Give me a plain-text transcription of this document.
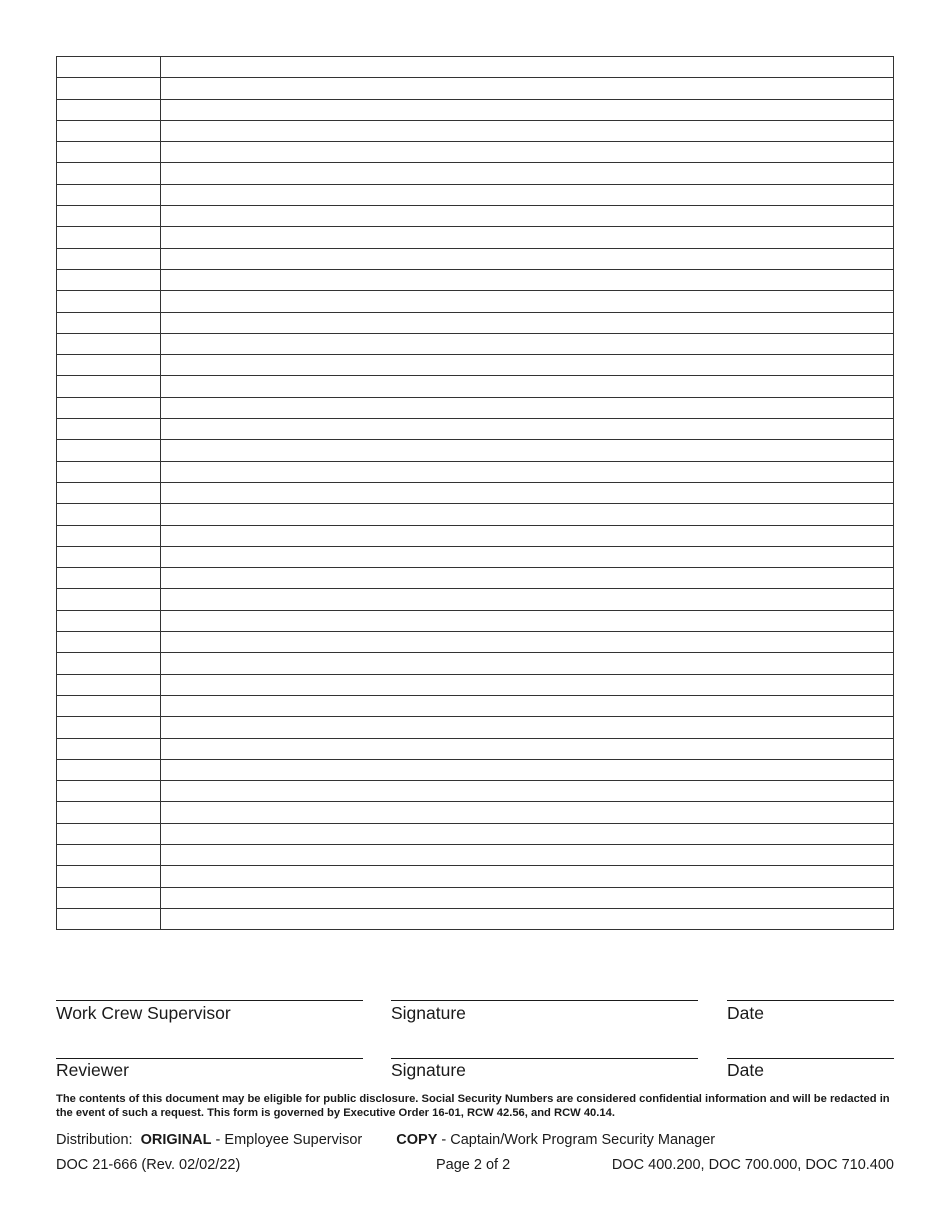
Work Crew Supervisor	Signature	Date
Reviewer	Signature	Date
The contents of this document may be eligible for public disclosure. Social Security Numbers are considered confidential information and will be redacted in the event of such a request. This form is governed by Executive Order 16-01, RCW 42.56, and RCW 40.14.
Distribution: ORIGINAL - Employee Supervisor COPY - Captain/Work Program Security Manager
DOC 21-666 (Rev. 02/02/22)	Page 2 of 2	DOC 400.200, DOC 700.000, DOC 710.400
